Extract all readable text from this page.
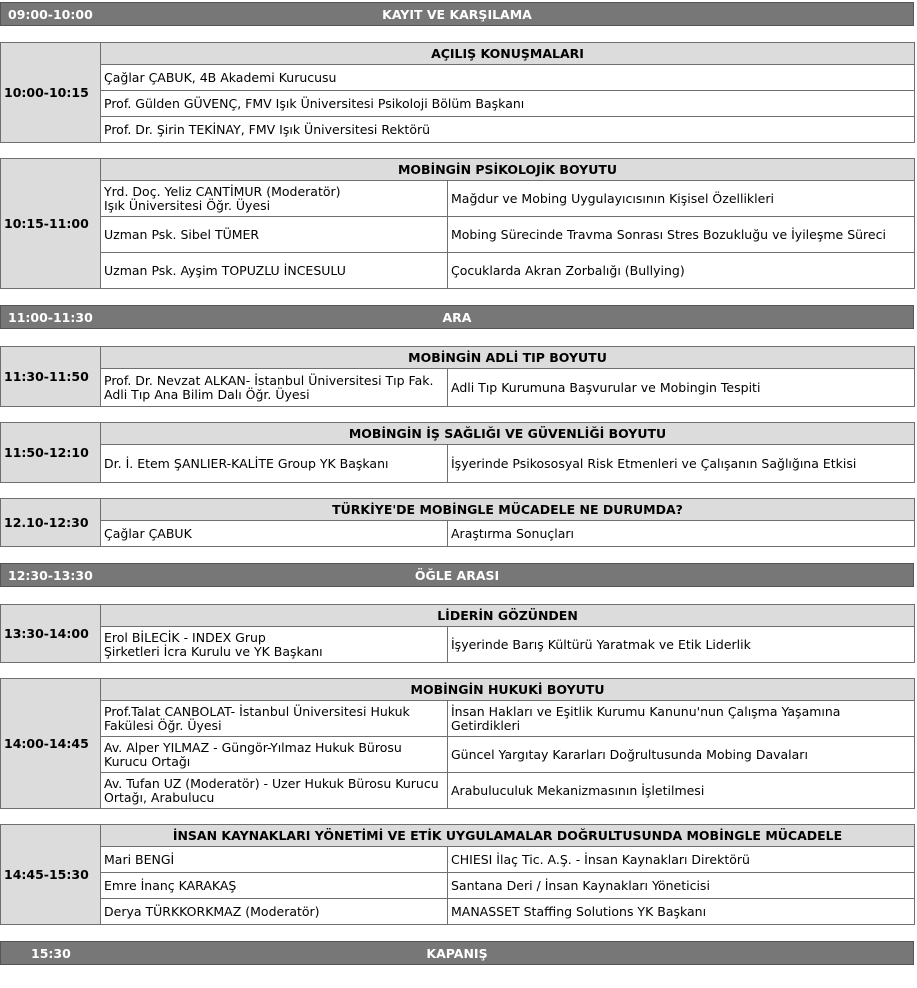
09:00-10:00	KAYIT VE KARŞILAMA
10:00-10:15	AÇILIŞ KONUŞMALARI
Çağlar ÇABUK, 4B Akademi Kurucusu
Prof. Gülden GÜVENÇ, FMV Işık Üniversitesi Psikoloji Bölüm Başkanı
Prof. Dr. Şirin TEKİNAY, FMV Işık Üniversitesi Rektörü
10:15-11:00	MOBİNGİN PSİKOLOJİK BOYUTU	

	Yrd. Doç. Yeliz CANTİMUR (Moderatör)
Işık Üniversitesi Öğr. Üyesi	Mağdur ve Mobing Uygulayıcısının Kişisel Özellikleri

	Uzman Psk. Sibel TÜMER	Mobing Sürecinde Travma Sonrası Stres Bozukluğu ve İyileşme Süreci

	Uzman Psk. Ayşim TOPUZLU İNCESULU	Çocuklarda Akran Zorbalığı (Bullying)
11:00-11:30	ARA
11:30-11:50	MOBİNGİN ADLİ TIP BOYUTU	

	Prof. Dr. Nevzat ALKAN- İstanbul Üniversitesi Tıp Fak.
Adli Tıp Ana Bilim Dalı Öğr. Üyesi	Adli Tıp Kurumuna Başvurular ve Mobingin Tespiti
11:50-12:10	MOBİNGİN İŞ SAĞLIĞI VE GÜVENLİĞİ BOYUTU	

	Dr. İ. Etem ŞANLIER-KALİTE Group YK Başkanı	İşyerinde Psikososyal Risk Etmenleri ve Çalışanın Sağlığına Etkisi
12.10-12:30	TÜRKİYE'DE MOBİNGLE MÜCADELE NE DURUMDA?	

	Çağlar ÇABUK	Araştırma Sonuçları
12:30-13:30	ÖĞLE ARASI
13:30-14:00	LİDERİN GÖZÜNDEN	

	Erol BİLECİK - INDEX Grup
Şirketleri İcra Kurulu ve YK Başkanı	İşyerinde Barış Kültürü Yaratmak ve Etik Liderlik
14:00-14:45	MOBİNGİN HUKUKİ BOYUTU	

	Prof.Talat CANBOLAT- İstanbul Üniversitesi Hukuk
Fakülesi Öğr. Üyesi	İnsan Hakları ve Eşitlik Kurumu Kanunu'nun Çalışma Yaşamına Getirdikleri

	Av. Alper YILMAZ - Güngör-Yılmaz Hukuk Bürosu
Kurucu Ortağı	Güncel Yargıtay Kararları Doğrultusunda Mobing Davaları

	Av. Tufan UZ (Moderatör) - Uzer Hukuk Bürosu Kurucu
Ortağı, Arabulucu	Arabuluculuk Mekanizmasının İşletilmesi
14:45-15:30	İNSAN KAYNAKLARI YÖNETİMİ VE ETİK UYGULAMALAR DOĞRULTUSUNDA MOBİNGLE MÜCADELE	

	Mari BENGİ	CHIESI İlaç Tic. A.Ş. - İnsan Kaynakları Direktörü

	Emre İnanç KARAKAŞ	Santana Deri / İnsan Kaynakları Yöneticisi

	Derya TÜRKKORKMAZ (Moderatör)	MANASSET Staffing Solutions YK Başkanı
15:30	KAPANIŞ
